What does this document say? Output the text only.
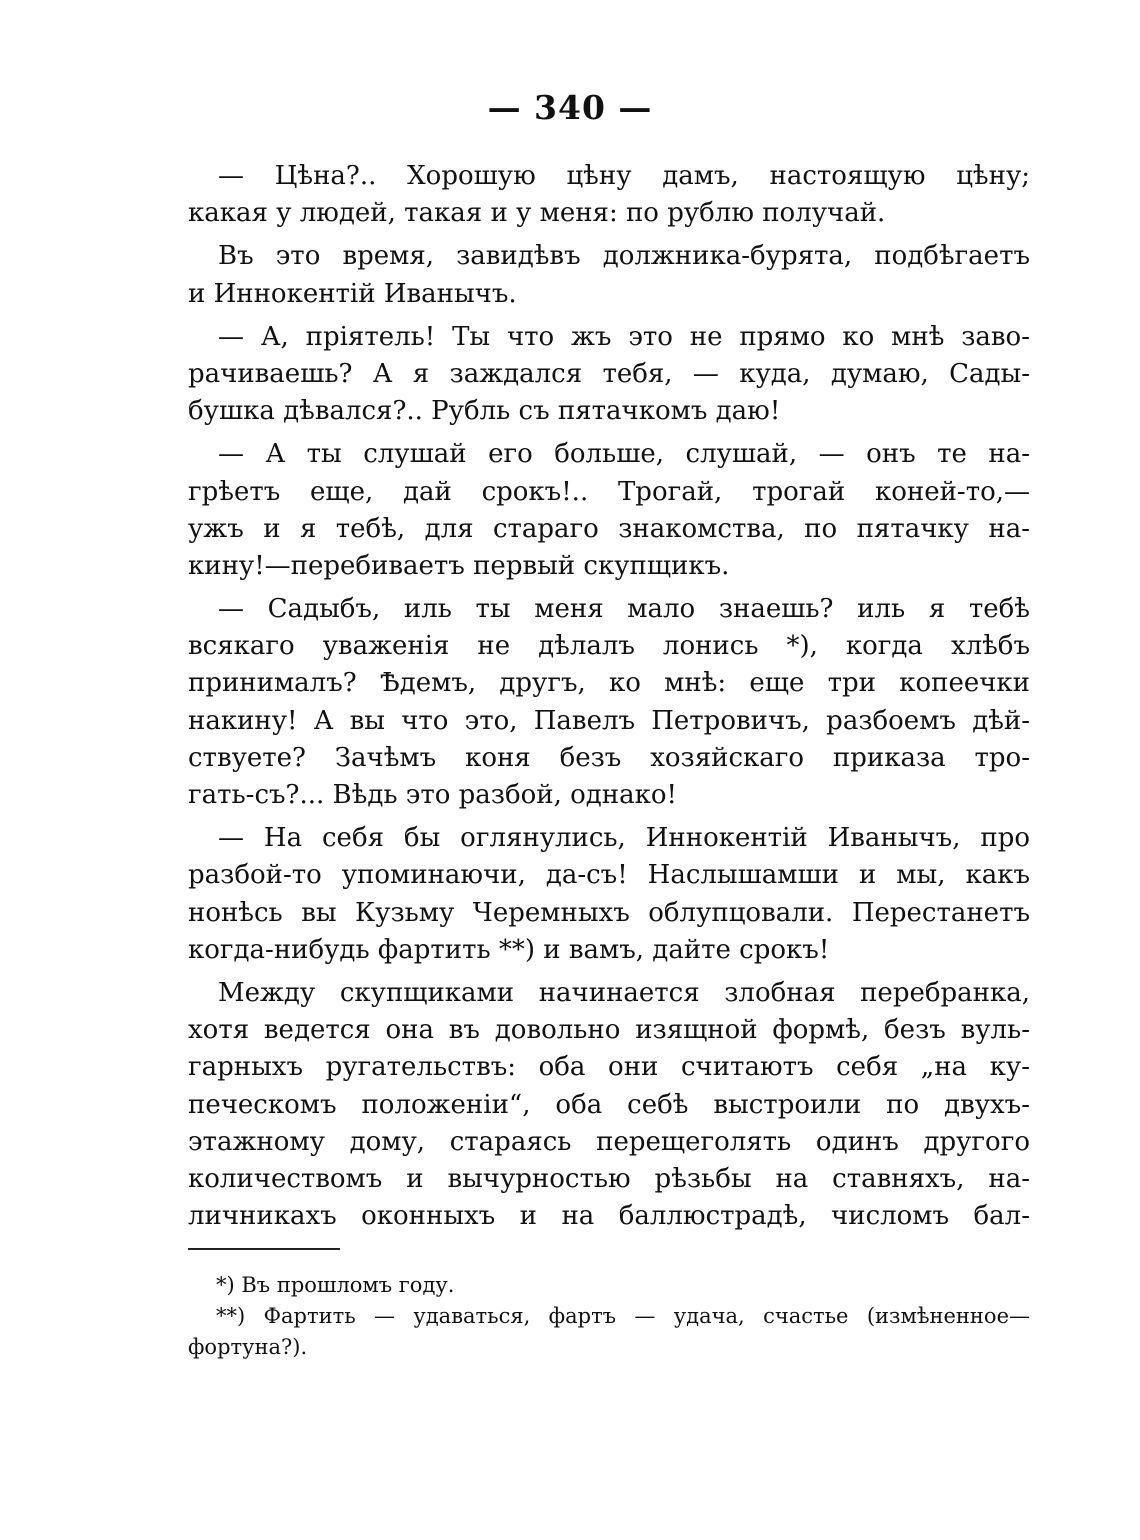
— 340 —
— Цѣна?.. Хорошую цѣну дамъ, настоящую цѣну;
какая у людей, такая и у меня: по рублю получай.
Въ это время, завидѣвъ должника-бурята, подбѣгаетъ
и Иннокентій Иванычъ.
— А, пріятель! Ты что жъ это не прямо ко мнѣ заво-
рачиваешь? А я заждался тебя, — куда, думаю, Сады-
бушка дѣвался?.. Рубль съ пятачкомъ даю!
— А ты слушай его больше, слушай, — онъ те на-
грѣетъ еще, дай срокъ!.. Трогай, трогай коней-то,—
ужъ и я тебѣ, для стараго знакомства, по пятачку на-
кину!—перебиваетъ первый скупщикъ.
— Садыбъ, иль ты меня мало знаешь? иль я тебѣ
всякаго уваженія не дѣлалъ лонись *), когда хлѣбъ
принималъ? Ѣдемъ, другъ, ко мнѣ: еще три копеечки
накину! А вы что это, Павелъ Петровичъ, разбоемъ дѣй-
ствуете? Зачѣмъ коня безъ хозяйскаго приказа тро-
гать-съ?... Вѣдь это разбой, однако!
— На себя бы оглянулись, Иннокентій Иванычъ, про
разбой-то упоминаючи, да-съ! Наслышамши и мы, какъ
нонѣсь вы Кузьму Черемныхъ облупцовали. Перестанетъ
когда-нибудь фартить **) и вамъ, дайте срокъ!
Между скупщиками начинается злобная перебранка,
хотя ведется она въ довольно изящной формѣ, безъ вуль-
гарныхъ ругательствъ: оба они считаютъ себя „на ку-
печескомъ положеніи“, оба себѣ выстроили по двухъ-
этажному дому, стараясь перещеголять одинъ другого
количествомъ и вычурностью рѣзьбы на ставняхъ, на-
личникахъ оконныхъ и на баллюстрадѣ, числомъ бал-
*) Въ прошломъ году.
**) Фартить — удаваться, фартъ — удача, счастье (измѣненное—
фортуна?).
